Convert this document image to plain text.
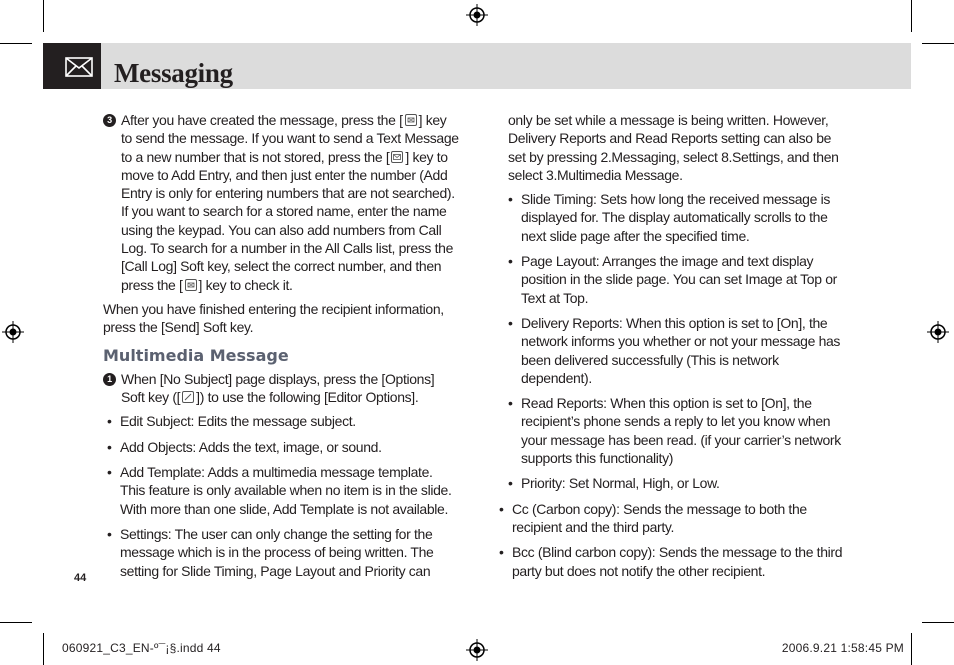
Messaging
3 After you have created the message, press the [ ] key to send the message. If you want to send a Text Message to a new number that is not stored, press the [ ] key to move to Add Entry, and then just enter the number (Add Entry is only for entering numbers that are not searched). If you want to search for a stored name, enter the name using the keypad. You can also add numbers from Call Log. To search for a number in the All Calls list, press the [Call Log] Soft key, select the correct number, and then press the [ ] key to check it.

When you have finished entering the recipient information, press the [Send] Soft key.

Multimedia Message
1 When [No Subject] page displays, press the [Options] Soft key ([ ]) to use the following [Editor Options].
• Edit Subject: Edits the message subject.
• Add Objects: Adds the text, image, or sound.
• Add Template: Adds a multimedia message template. This feature is only available when no item is in the slide. With more than one slide, Add Template is not available.
• Settings: The user can only change the setting for the message which is in the process of being written. The setting for Slide Timing, Page Layout and Priority can

only be set while a message is being written. However, Delivery Reports and Read Reports setting can also be set by pressing 2.Messaging, select 8.Settings, and then select 3.Multimedia Message.

• Slide Timing: Sets how long the received message is displayed for. The display automatically scrolls to the next slide page after the specified time.
• Page Layout: Arranges the image and text display position in the slide page. You can set Image at Top or Text at Top.
• Delivery Reports: When this option is set to [On], the network informs you whether or not your message has been delivered successfully (This is network dependent).
• Read Reports: When this option is set to [On], the recipient’s phone sends a reply to let you know when your message has been read. (if your carrier’s network supports this functionality)
• Priority: Set Normal, High, or Low.
• Cc (Carbon copy): Sends the message to both the recipient and the third party.
• Bcc (Blind carbon copy): Sends the message to the third party but does not notify the other recipient.
44
060921_C3_EN-º¯¡§.indd 44	2006.9.21 1:58:45 PM
